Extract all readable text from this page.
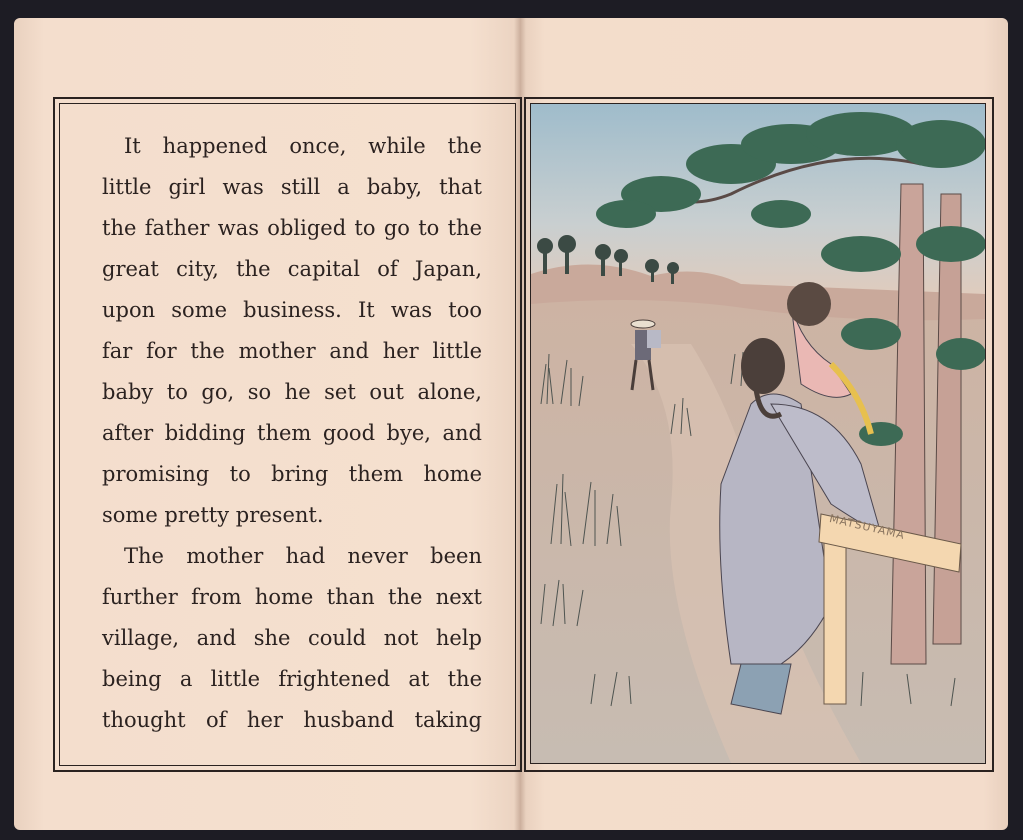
It happened once, while the
little girl was still a baby, that
the father was obliged to go to the
great city, the capital of Japan,
upon some business. It was too
far for the mother and her little
baby to go, so he set out alone,
after bidding them good bye, and
promising to bring them home
some pretty present.
The mother had never been
further from home than the next
village, and she could not help
being a little frightened at the
thought of her husband taking
MATSUYAMA
